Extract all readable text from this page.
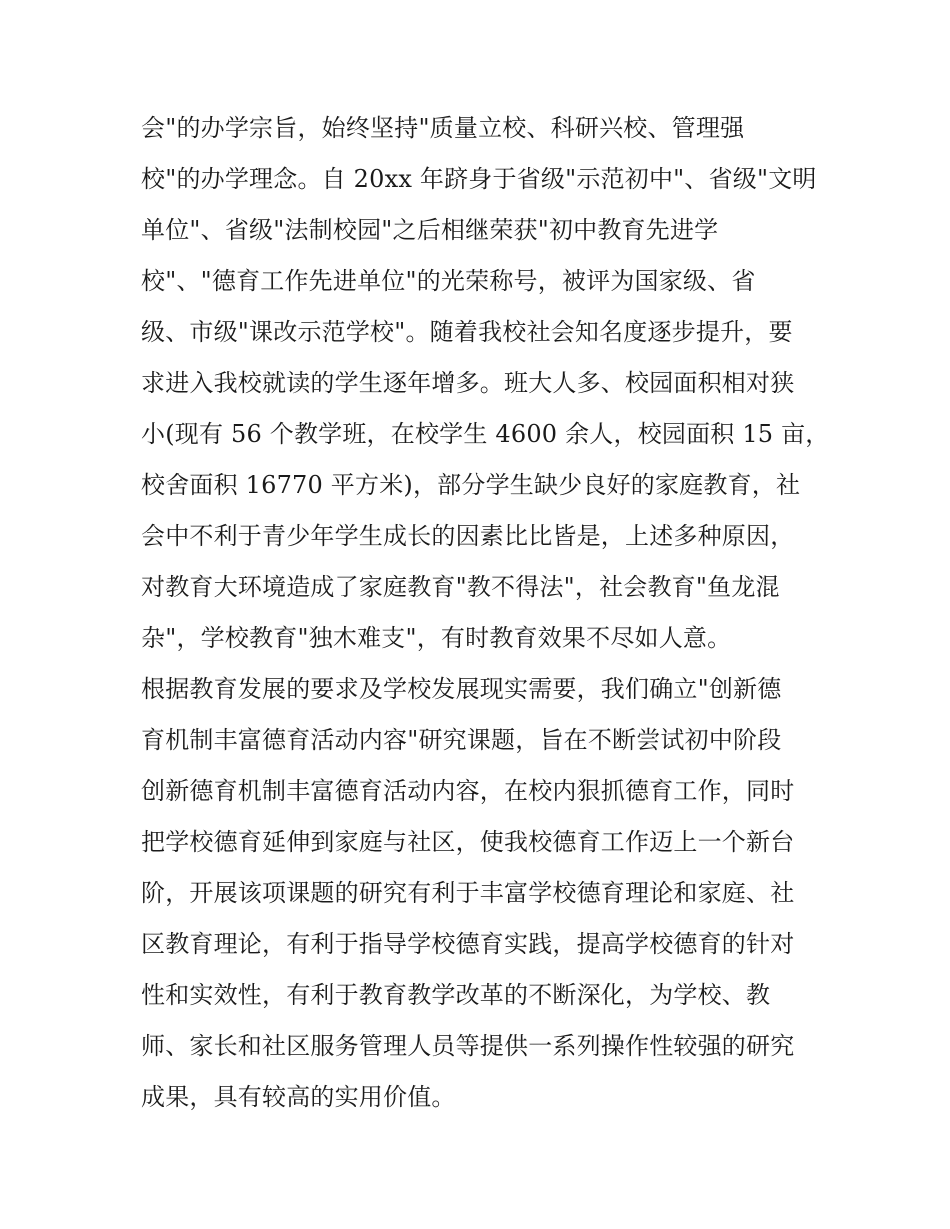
会"的办学宗旨，始终坚持"质量立校、科研兴校、管理强
校"的办学理念。自 20xx 年跻身于省级"示范初中"、省级"文明
单位"、省级"法制校园"之后相继荣获"初中教育先进学
校"、"德育工作先进单位"的光荣称号，被评为国家级、省
级、市级"课改示范学校"。随着我校社会知名度逐步提升，要
求进入我校就读的学生逐年增多。班大人多、校园面积相对狭
小(现有 56 个教学班，在校学生 4600 余人，校园面积 15 亩，
校舍面积 16770 平方米)，部分学生缺少良好的家庭教育，社
会中不利于青少年学生成长的因素比比皆是，上述多种原因，
对教育大环境造成了家庭教育"教不得法"，社会教育"鱼龙混
杂"，学校教育"独木难支"，有时教育效果不尽如人意。
根据教育发展的要求及学校发展现实需要，我们确立"创新德
育机制丰富德育活动内容"研究课题，旨在不断尝试初中阶段
创新德育机制丰富德育活动内容，在校内狠抓德育工作，同时
把学校德育延伸到家庭与社区，使我校德育工作迈上一个新台
阶，开展该项课题的研究有利于丰富学校德育理论和家庭、社
区教育理论，有利于指导学校德育实践，提高学校德育的针对
性和实效性，有利于教育教学改革的不断深化，为学校、教
师、家长和社区服务管理人员等提供一系列操作性较强的研究
成果，具有较高的实用价值。
